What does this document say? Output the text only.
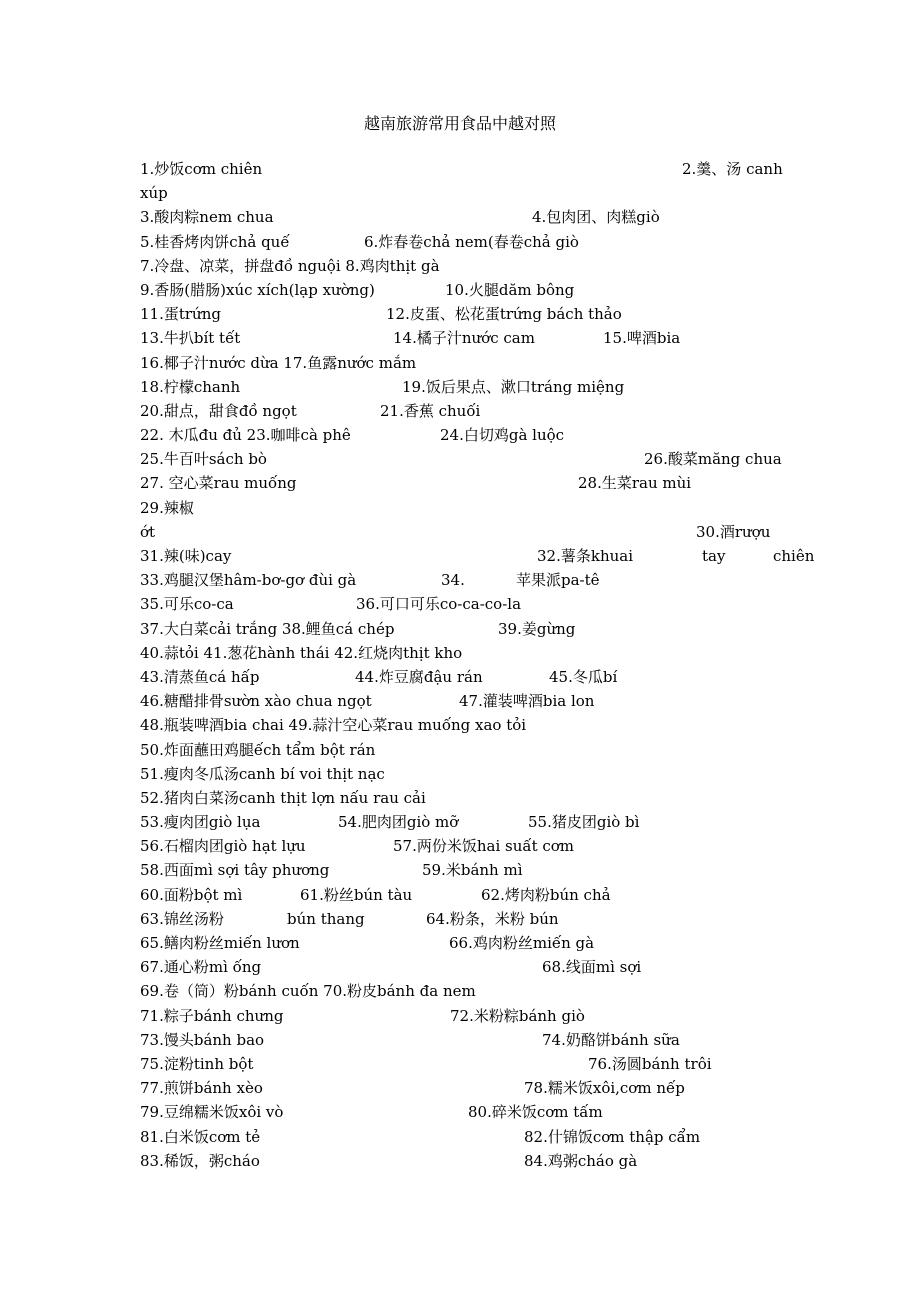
越南旅游常用食品中越对照
1.炒饭cơm chiên	2.羹、汤 canh
xúp
3.酸肉粽nem chua	4.包肉团、肉糕giò
5.桂香烤肉饼chả quế	6.炸春卷chả nem(春卷chả giò
7.冷盘、凉菜，拼盘đồ nguội 8.鸡肉thịt gà
9.香肠(腊肠)xúc xích(lạp xường)	10.火腿dăm bông
11.蛋trứng	12.皮蛋、松花蛋trứng bách thảo
13.牛扒bít tết	14.橘子汁nước cam	15.啤酒bia
16.椰子汁nước dừa 17.鱼露nước mắm
18.柠檬chanh	19.饭后果点、漱口tráng miệng
20.甜点，甜食đồ ngọt	21.香蕉 chuối
22. 木瓜đu đủ 23.咖啡cà phê	24.白切鸡gà luộc
25.牛百叶sách bò	26.酸菜măng chua
27. 空心菜rau muống	28.生菜rau mùi
29.辣椒
ớt	30.酒rượu
31.辣(味)cay	32.薯条khuai	tay	chiên
33.鸡腿汉堡hâm-bơ-gơ đùi gà	34.	苹果派pa-tê
35.可乐co-ca	36.可口可乐co-ca-co-la
37.大白菜cải trắng 38.鲤鱼cá chép	39.姜gừng
40.蒜tỏi 41.葱花hành thái 42.红烧肉thịt kho
43.清蒸鱼cá hấp	44.炸豆腐đậu rán	45.冬瓜bí
46.糖醋排骨sườn xào chua ngọt	47.灌装啤酒bia lon
48.瓶装啤酒bia chai 49.蒜汁空心菜rau muống xao tỏi
50.炸面蘸田鸡腿ếch tẩm bột rán
51.瘦肉冬瓜汤canh bí voi thịt nạc
52.猪肉白菜汤canh thịt lợn nấu rau cải
53.瘦肉团giò lụa	54.肥肉团giò mỡ	55.猪皮团giò bì
56.石榴肉团giò hạt lựu	57.两份米饭hai suất cơm
58.西面mì sợi tây phương	59.米bánh mì
60.面粉bột mì	61.粉丝bún tàu	62.烤肉粉bún chả
63.锦丝汤粉	bún thang	64.粉条，米粉 bún
65.鳝肉粉丝miến lươn	66.鸡肉粉丝miến gà
67.通心粉mì ống	68.线面mì sợi
69.卷（筒）粉bánh cuốn 70.粉皮bánh đa nem
71.粽子bánh chưng	72.米粉粽bánh giò
73.馒头bánh bao	74.奶酪饼bánh sữa
75.淀粉tinh bột	76.汤圆bánh trôi
77.煎饼bánh xèo	78.糯米饭xôi,cơm nếp
79.豆绵糯米饭xôi vò	80.碎米饭cơm tấm
81.白米饭cơm tẻ	82.什锦饭cơm thập cẩm
83.稀饭，粥cháo	84.鸡粥cháo gà
